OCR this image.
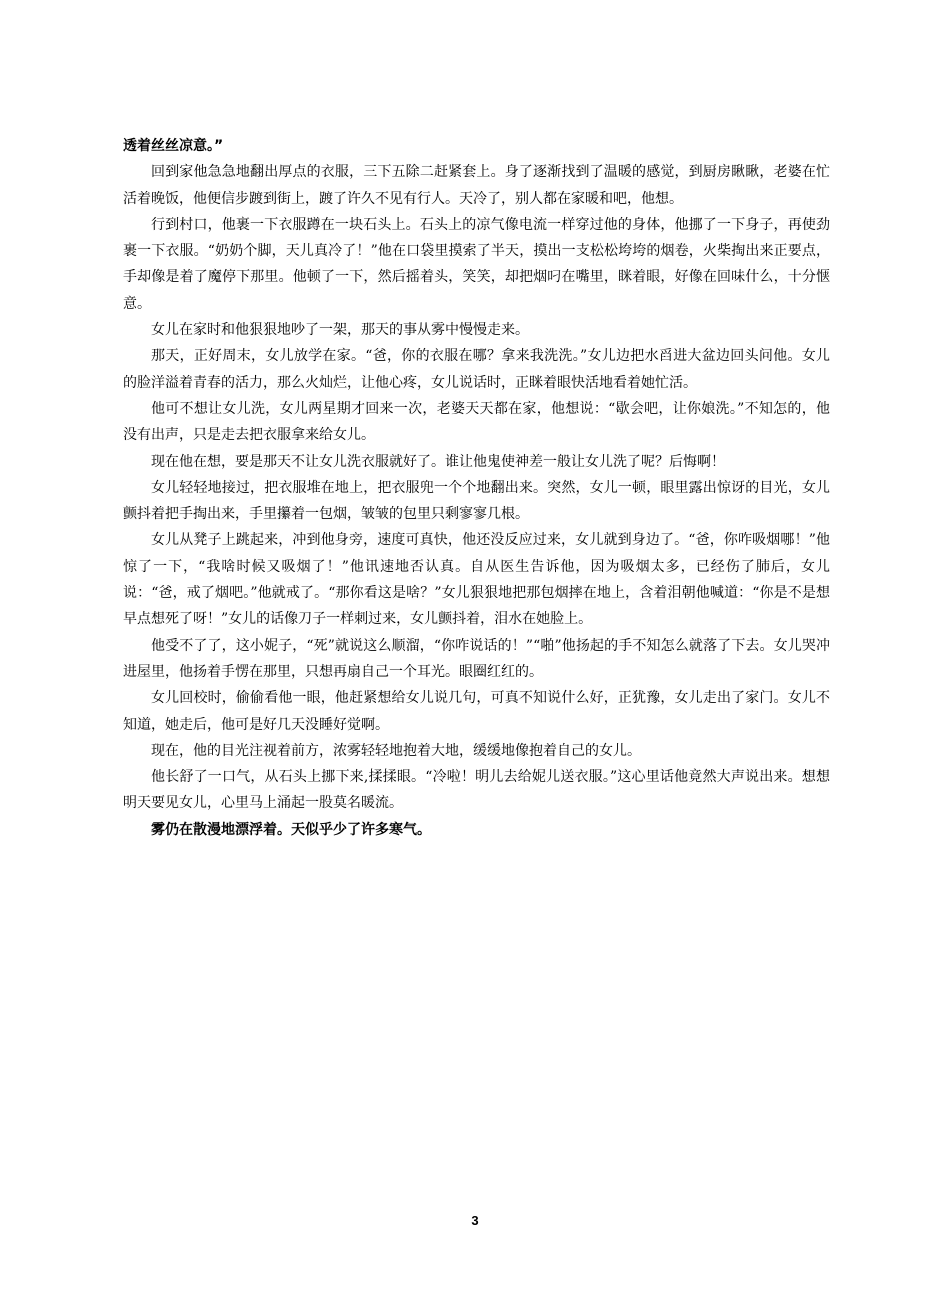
透着丝丝凉意。”

回到家他急急地翻出厚点的衣服，三下五除二赶紧套上。身了逐渐找到了温暖的感觉，到厨房瞅瞅，老婆在忙活着晚饭，他便信步踱到街上，踱了许久不见有行人。天冷了，别人都在家暖和吧，他想。

行到村口，他裹一下衣服蹲在一块石头上。石头上的凉气像电流一样穿过他的身体，他挪了一下身子，再使劲裹一下衣服。“奶奶个脚，天儿真冷了！”他在口袋里摸索了半天，摸出一支松松垮垮的烟卷，火柴掏出来正要点，手却像是着了魔停下那里。他顿了一下，然后摇着头，笑笑，却把烟叼在嘴里，眯着眼，好像在回味什么，十分惬意。

女儿在家时和他狠狠地吵了一架，那天的事从雾中慢慢走来。

那天，正好周末，女儿放学在家。“爸，你的衣服在哪？拿来我洗洗。”女儿边把水舀进大盆边回头问他。女儿的脸洋溢着青春的活力，那么火灿烂，让他心疼，女儿说话时，正眯着眼快活地看着她忙活。

他可不想让女儿洗，女儿两星期才回来一次，老婆天天都在家，他想说：“歇会吧，让你娘洗。”不知怎的，他没有出声，只是走去把衣服拿来给女儿。

现在他在想，要是那天不让女儿洗衣服就好了。谁让他鬼使神差一般让女儿洗了呢？后悔啊！

女儿轻轻地接过，把衣服堆在地上，把衣服兜一个个地翻出来。突然，女儿一顿，眼里露出惊讶的目光，女儿颤抖着把手掏出来，手里攥着一包烟，皱皱的包里只剩寥寥几根。

女儿从凳子上跳起来，冲到他身旁，速度可真快，他还没反应过来，女儿就到身边了。“爸，你咋吸烟哪！”他惊了一下，“我啥时候又吸烟了！”他讯速地否认真。自从医生告诉他，因为吸烟太多，已经伤了肺后，女儿说：“爸，戒了烟吧。”他就戒了。“那你看这是啥？”女儿狠狠地把那包烟摔在地上，含着泪朝他喊道：“你是不是想早点想死了呀！”女儿的话像刀子一样刺过来，女儿颤抖着，泪水在她脸上。

他受不了了，这小妮子，“死”就说这么顺溜，“你咋说话的！”“啪”他扬起的手不知怎么就落了下去。女儿哭冲进屋里，他扬着手愣在那里，只想再扇自己一个耳光。眼圈红红的。

女儿回校时，偷偷看他一眼，他赶紧想给女儿说几句，可真不知说什么好，正犹豫，女儿走出了家门。女儿不知道，她走后，他可是好几天没睡好觉啊。

现在，他的目光注视着前方，浓雾轻轻地抱着大地，缓缓地像抱着自己的女儿。

他长舒了一口气，从石头上挪下来,揉揉眼。“冷啦！明儿去给妮儿送衣服。”这心里话他竟然大声说出来。想想明天要见女儿，心里马上涌起一股莫名暖流。

雾仍在散漫地漂浮着。天似乎少了许多寒气。

3
